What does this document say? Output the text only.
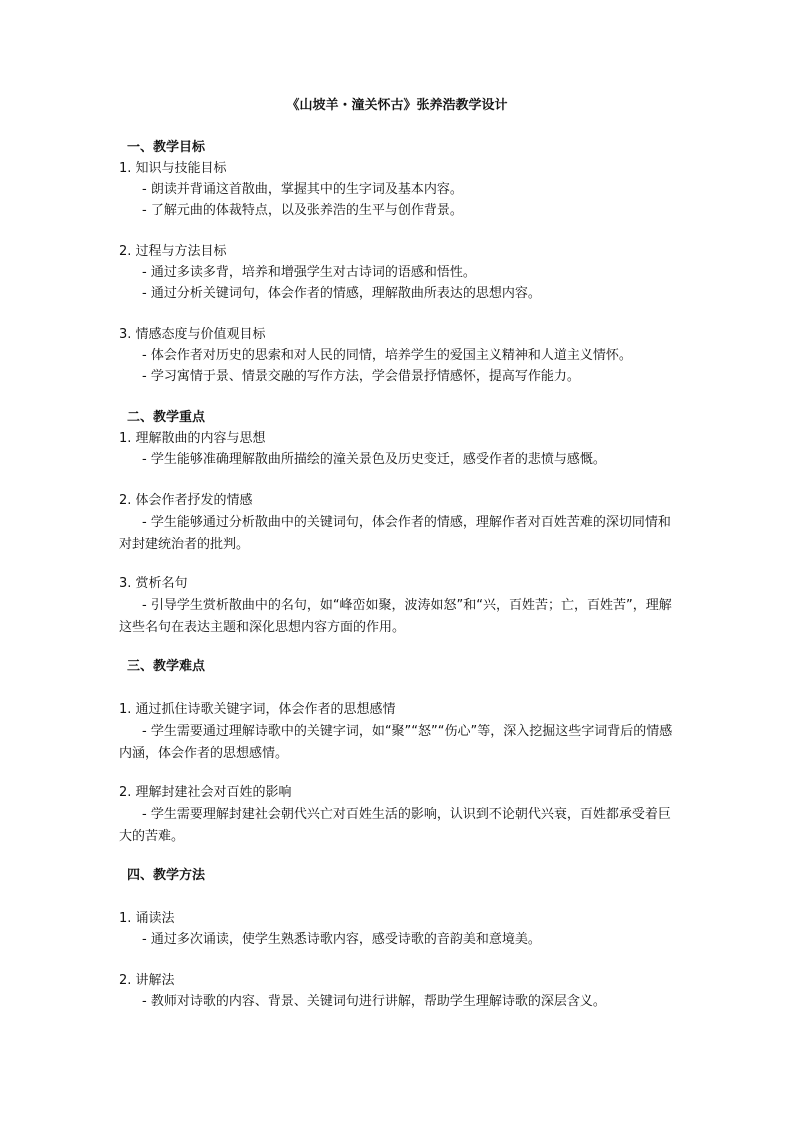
《山坡羊・潼关怀古》张养浩教学设计

一、教学目标

1. 知识与技能目标

- 朗读并背诵这首散曲，掌握其中的生字词及基本内容。

- 了解元曲的体裁特点，以及张养浩的生平与创作背景。

2. 过程与方法目标

- 通过多读多背，培养和增强学生对古诗词的语感和悟性。

- 通过分析关键词句，体会作者的情感，理解散曲所表达的思想内容。

3. 情感态度与价值观目标

- 体会作者对历史的思索和对人民的同情，培养学生的爱国主义精神和人道主义情怀。

- 学习寓情于景、情景交融的写作方法，学会借景抒情感怀，提高写作能力。

二、教学重点

1. 理解散曲的内容与思想

- 学生能够准确理解散曲所描绘的潼关景色及历史变迁，感受作者的悲愤与感慨。

2. 体会作者抒发的情感

- 学生能够通过分析散曲中的关键词句，体会作者的情感，理解作者对百姓苦难的深切同情和对封建统治者的批判。

3. 赏析名句

- 引导学生赏析散曲中的名句，如“峰峦如聚，波涛如怒”和“兴，百姓苦；亡，百姓苦”，理解这些名句在表达主题和深化思想内容方面的作用。

三、教学难点

1. 通过抓住诗歌关键字词，体会作者的思想感情

- 学生需要通过理解诗歌中的关键字词，如“聚”“怒”“伤心”等，深入挖掘这些字词背后的情感内涵，体会作者的思想感情。

2. 理解封建社会对百姓的影响

- 学生需要理解封建社会朝代兴亡对百姓生活的影响，认识到不论朝代兴衰，百姓都承受着巨大的苦难。

四、教学方法

1. 诵读法

- 通过多次诵读，使学生熟悉诗歌内容，感受诗歌的音韵美和意境美。

2. 讲解法

- 教师对诗歌的内容、背景、关键词句进行讲解，帮助学生理解诗歌的深层含义。
